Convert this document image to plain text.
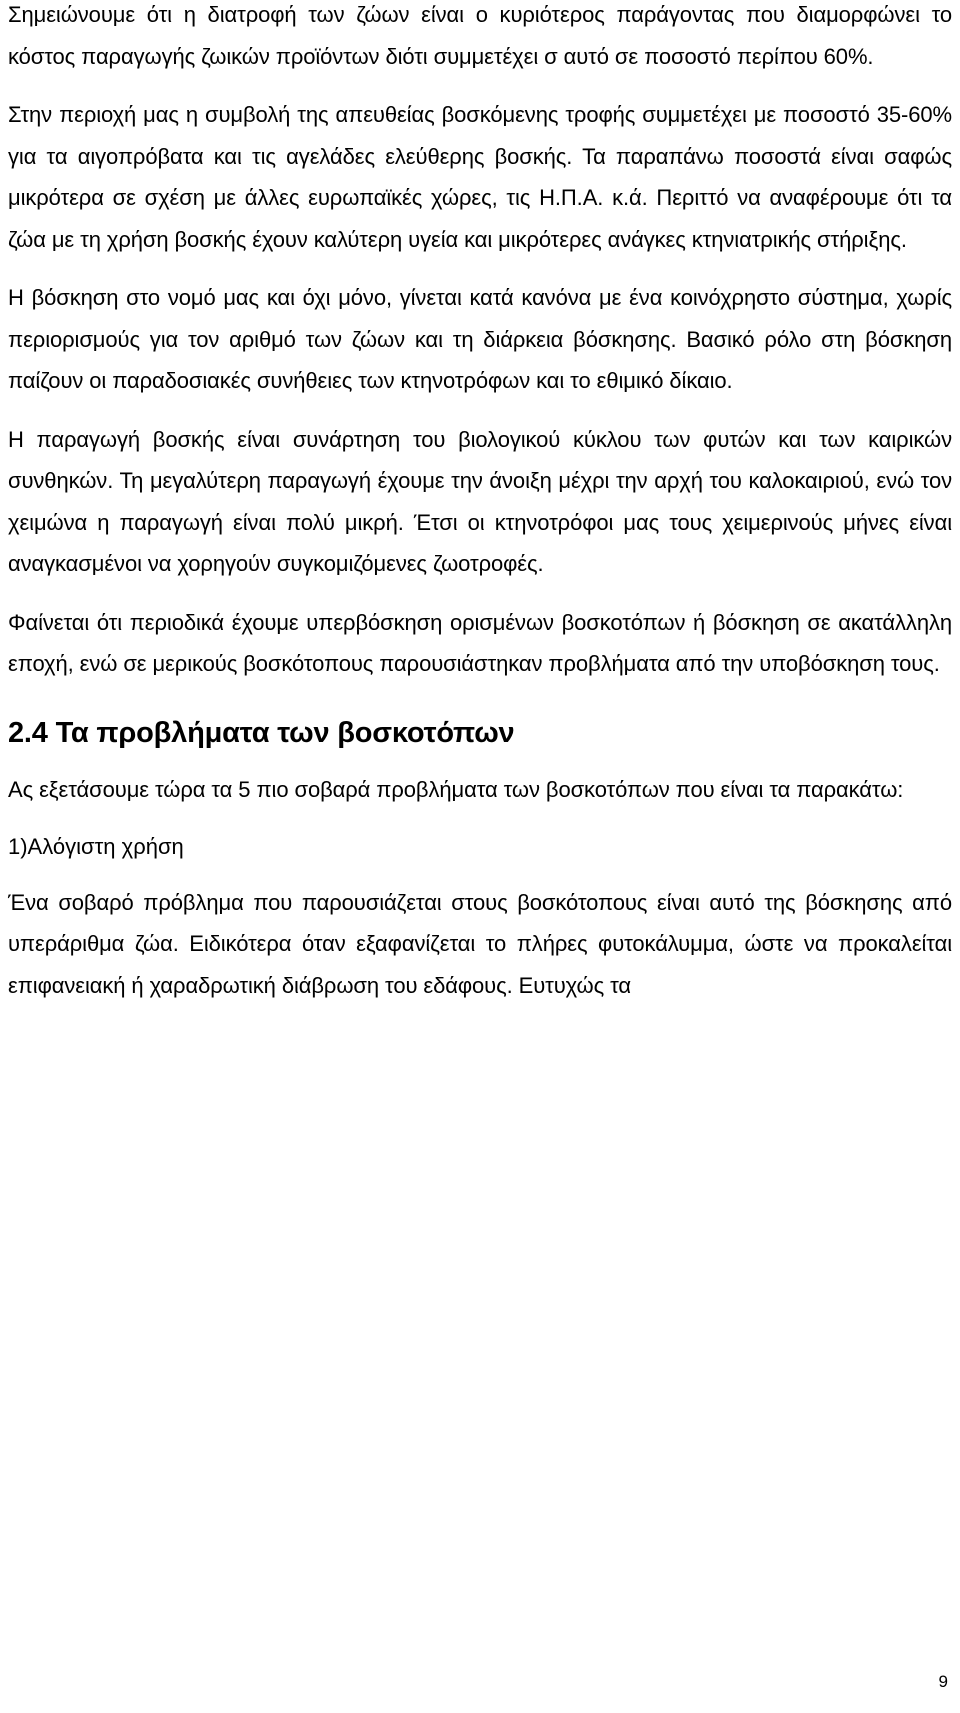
Σημειώνουμε ότι η διατροφή των ζώων είναι ο κυριότερος παράγοντας που διαμορφώνει το κόστος παραγωγής ζωικών προϊόντων διότι συμμετέχει σ αυτό σε ποσοστό περίπου 60%.

Στην περιοχή μας η συμβολή της απευθείας βοσκόμενης τροφής συμμετέχει με ποσοστό 35-60% για τα αιγοπρόβατα και τις αγελάδες ελεύθερης βοσκής. Τα παραπάνω ποσοστά είναι σαφώς μικρότερα σε σχέση με άλλες ευρωπαϊκές χώρες, τις Η.Π.Α. κ.ά. Περιττό να αναφέρουμε ότι τα ζώα με τη χρήση βοσκής έχουν καλύτερη υγεία και μικρότερες ανάγκες κτηνιατρικής στήριξης.

Η βόσκηση στο νομό μας και όχι μόνο, γίνεται κατά κανόνα με ένα κοινόχρηστο σύστημα, χωρίς περιορισμούς για τον αριθμό των ζώων και τη διάρκεια βόσκησης. Βασικό ρόλο στη βόσκηση παίζουν οι παραδοσιακές συνήθειες των κτηνοτρόφων και το εθιμικό δίκαιο.

Η παραγωγή βοσκής είναι συνάρτηση του βιολογικού κύκλου των φυτών και των καιρικών συνθηκών. Τη μεγαλύτερη παραγωγή έχουμε την άνοιξη μέχρι την αρχή του καλοκαιριού, ενώ τον χειμώνα η παραγωγή είναι πολύ μικρή. Έτσι οι κτηνοτρόφοι μας τους χειμερινούς μήνες είναι αναγκασμένοι να χορηγούν συγκομιζόμενες ζωοτροφές.

Φαίνεται ότι περιοδικά έχουμε υπερβόσκηση ορισμένων βοσκοτόπων ή βόσκηση σε ακατάλληλη εποχή, ενώ σε μερικούς βοσκότοπους παρουσιάστηκαν προβλήματα από την υποβόσκηση τους.

2.4 Τα προβλήματα των βοσκοτόπων

Ας εξετάσουμε τώρα τα 5 πιο σοβαρά προβλήματα των βοσκοτόπων που είναι τα παρακάτω:

1)Αλόγιστη χρήση

Ένα σοβαρό πρόβλημα που παρουσιάζεται στους βοσκότοπους είναι αυτό της βόσκησης από υπεράριθμα ζώα. Ειδικότερα όταν εξαφανίζεται το πλήρες φυτοκάλυμμα, ώστε να προκαλείται επιφανειακή ή χαραδρωτική διάβρωση του εδάφους. Ευτυχώς τα

9
